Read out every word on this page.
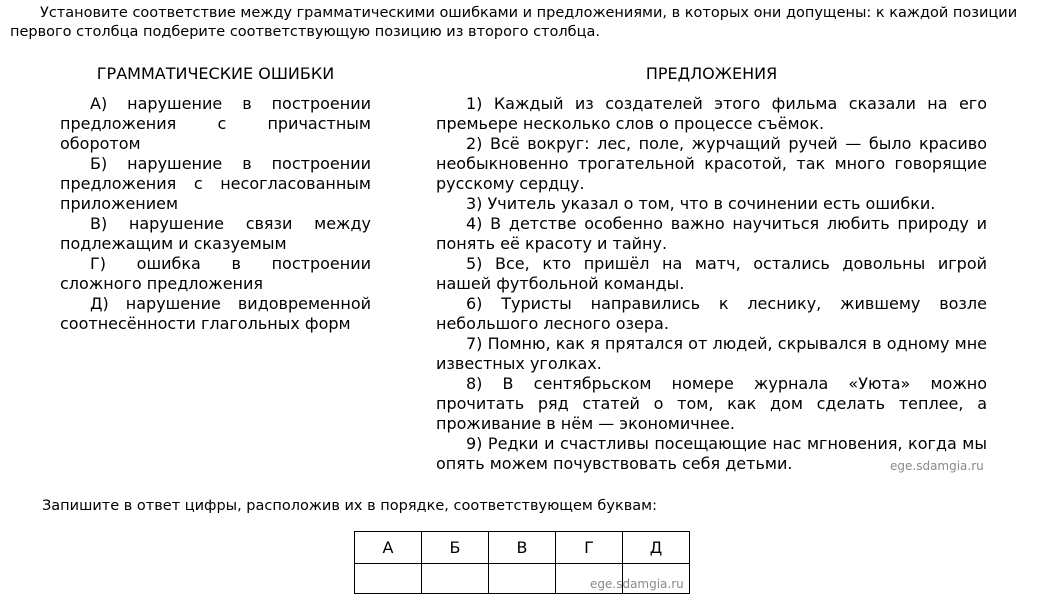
Установите соответствие между грамматическими ошибками и предложениями, в которых они допущены: к каждой позиции первого столбца подберите соответствующую позицию из второго столбца.

ГРАММАТИЧЕСКИЕ ОШИБКИ	ПРЕДЛОЖЕНИЯ

А) нарушение в построении предложения с причастным оборотом

Б) нарушение в построении предложения с несогласованным приложением

В) нарушение связи между подлежащим и сказуемым

Г) ошибка в построении сложного предложения

Д) нарушение видовременной соотнесённости глагольных форм

1) Каждый из создателей этого фильма сказали на его премьере несколько слов о процессе съёмок.

2) Всё вокруг: лес, поле, журчащий ручей — было красиво необыкновенно трогательной красотой, так много говорящие русскому сердцу.

3) Учитель указал о том, что в сочинении есть ошибки.

4) В детстве особенно важно научиться любить природу и понять её красоту и тайну.

5) Все, кто пришёл на матч, остались довольны игрой нашей футбольной команды.

6) Туристы направились к леснику, жившему возле небольшого лесного озера.

7) Помню, как я прятался от людей, скрывался в одному мне известных уголках.

8) В сентябрьском номере журнала «Уюта» можно прочитать ряд статей о том, как дом сделать теплее, а проживание в нём — экономичнее.

9) Редки и счастливы посещающие нас мгновения, когда мы опять можем почувствовать себя детьми.	ege.sdamgia.ru

Запишите в ответ цифры, расположив их в порядке, соответствующем буквам:

А	Б	В	Г	Д

ege.sdamgia.ru
